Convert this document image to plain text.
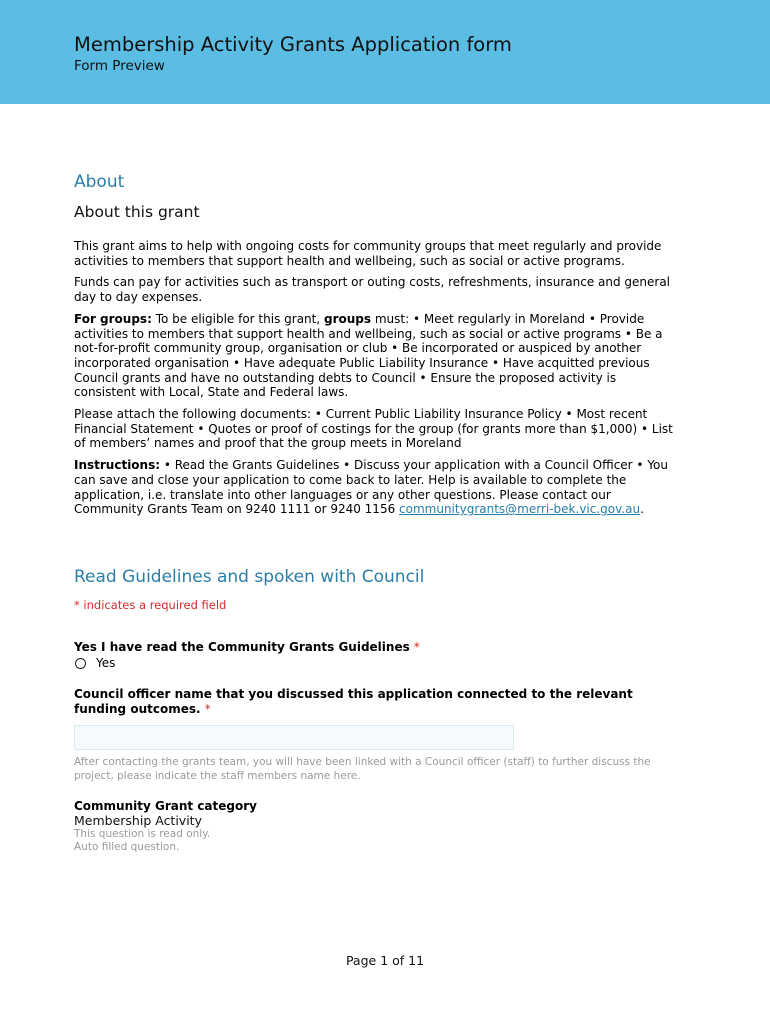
Membership Activity Grants Application form
Form Preview
About
About this grant

This grant aims to help with ongoing costs for community groups that meet regularly and provide activities to members that support health and wellbeing, such as social or active programs.

Funds can pay for activities such as transport or outing costs, refreshments, insurance and general day to day expenses.

For groups: To be eligible for this grant, groups must: • Meet regularly in Moreland • Provide activities to members that support health and wellbeing, such as social or active programs • Be a not-for-profit community group, organisation or club • Be incorporated or auspiced by another incorporated organisation • Have adequate Public Liability Insurance • Have acquitted previous Council grants and have no outstanding debts to Council • Ensure the proposed activity is consistent with Local, State and Federal laws.

Please attach the following documents: • Current Public Liability Insurance Policy • Most recent Financial Statement • Quotes or proof of costings for the group (for grants more than $1,000) • List of members’ names and proof that the group meets in Moreland

Instructions: • Read the Grants Guidelines • Discuss your application with a Council Officer • You can save and close your application to come back to later. Help is available to complete the application, i.e. translate into other languages or any other questions. Please contact our Community Grants Team on 9240 1111 or 9240 1156 communitygrants@merri-bek.vic.gov.au.

Read Guidelines and spoken with Council
* indicates a required field

Yes I have read the Community Grants Guidelines *

Yes

Council officer name that you discussed this application connected to the relevant funding outcomes. *

After contacting the grants team, you will have been linked with a Council officer (staff) to further discuss the project, please indicate the staff members name here.

Community Grant category

Membership Activity
This question is read only.
Auto filled question.
Page 1 of 11
